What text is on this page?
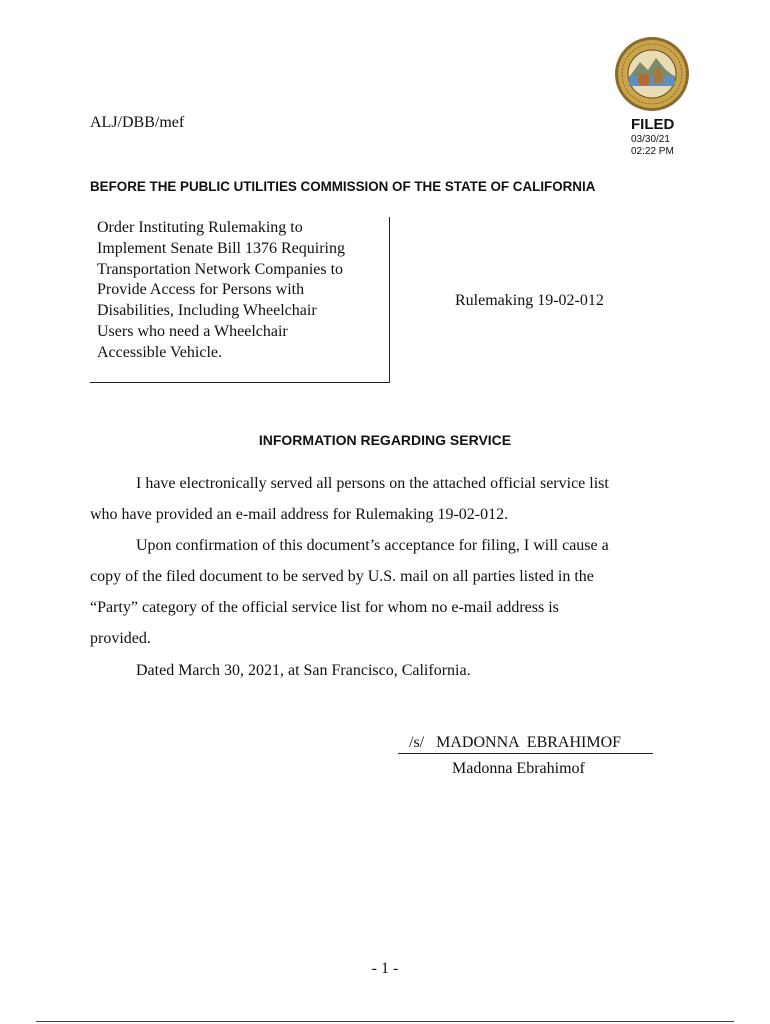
ALJ/DBB/mef	FILED
03/30/21
02:22 PM
BEFORE THE PUBLIC UTILITIES COMMISSION OF THE STATE OF CALIFORNIA
Order Instituting Rulemaking to
Implement Senate Bill 1376 Requiring
Transportation Network Companies to
Provide Access for Persons with
Disabilities, Including Wheelchair
Users who need a Wheelchair
Accessible Vehicle.
Rulemaking 19-02-012
INFORMATION REGARDING SERVICE
I have electronically served all persons on the attached official service list
who have provided an e-mail address for Rulemaking 19-02-012.
Upon confirmation of this document’s acceptance for filing, I will cause a
copy of the filed document to be served by U.S. mail on all parties listed in the
“Party” category of the official service list for whom no e-mail address is
provided.
Dated March 30, 2021, at San Francisco, California.
/s/   MADONNA  EBRAHIMOF
Madonna Ebrahimof
- 1 -
